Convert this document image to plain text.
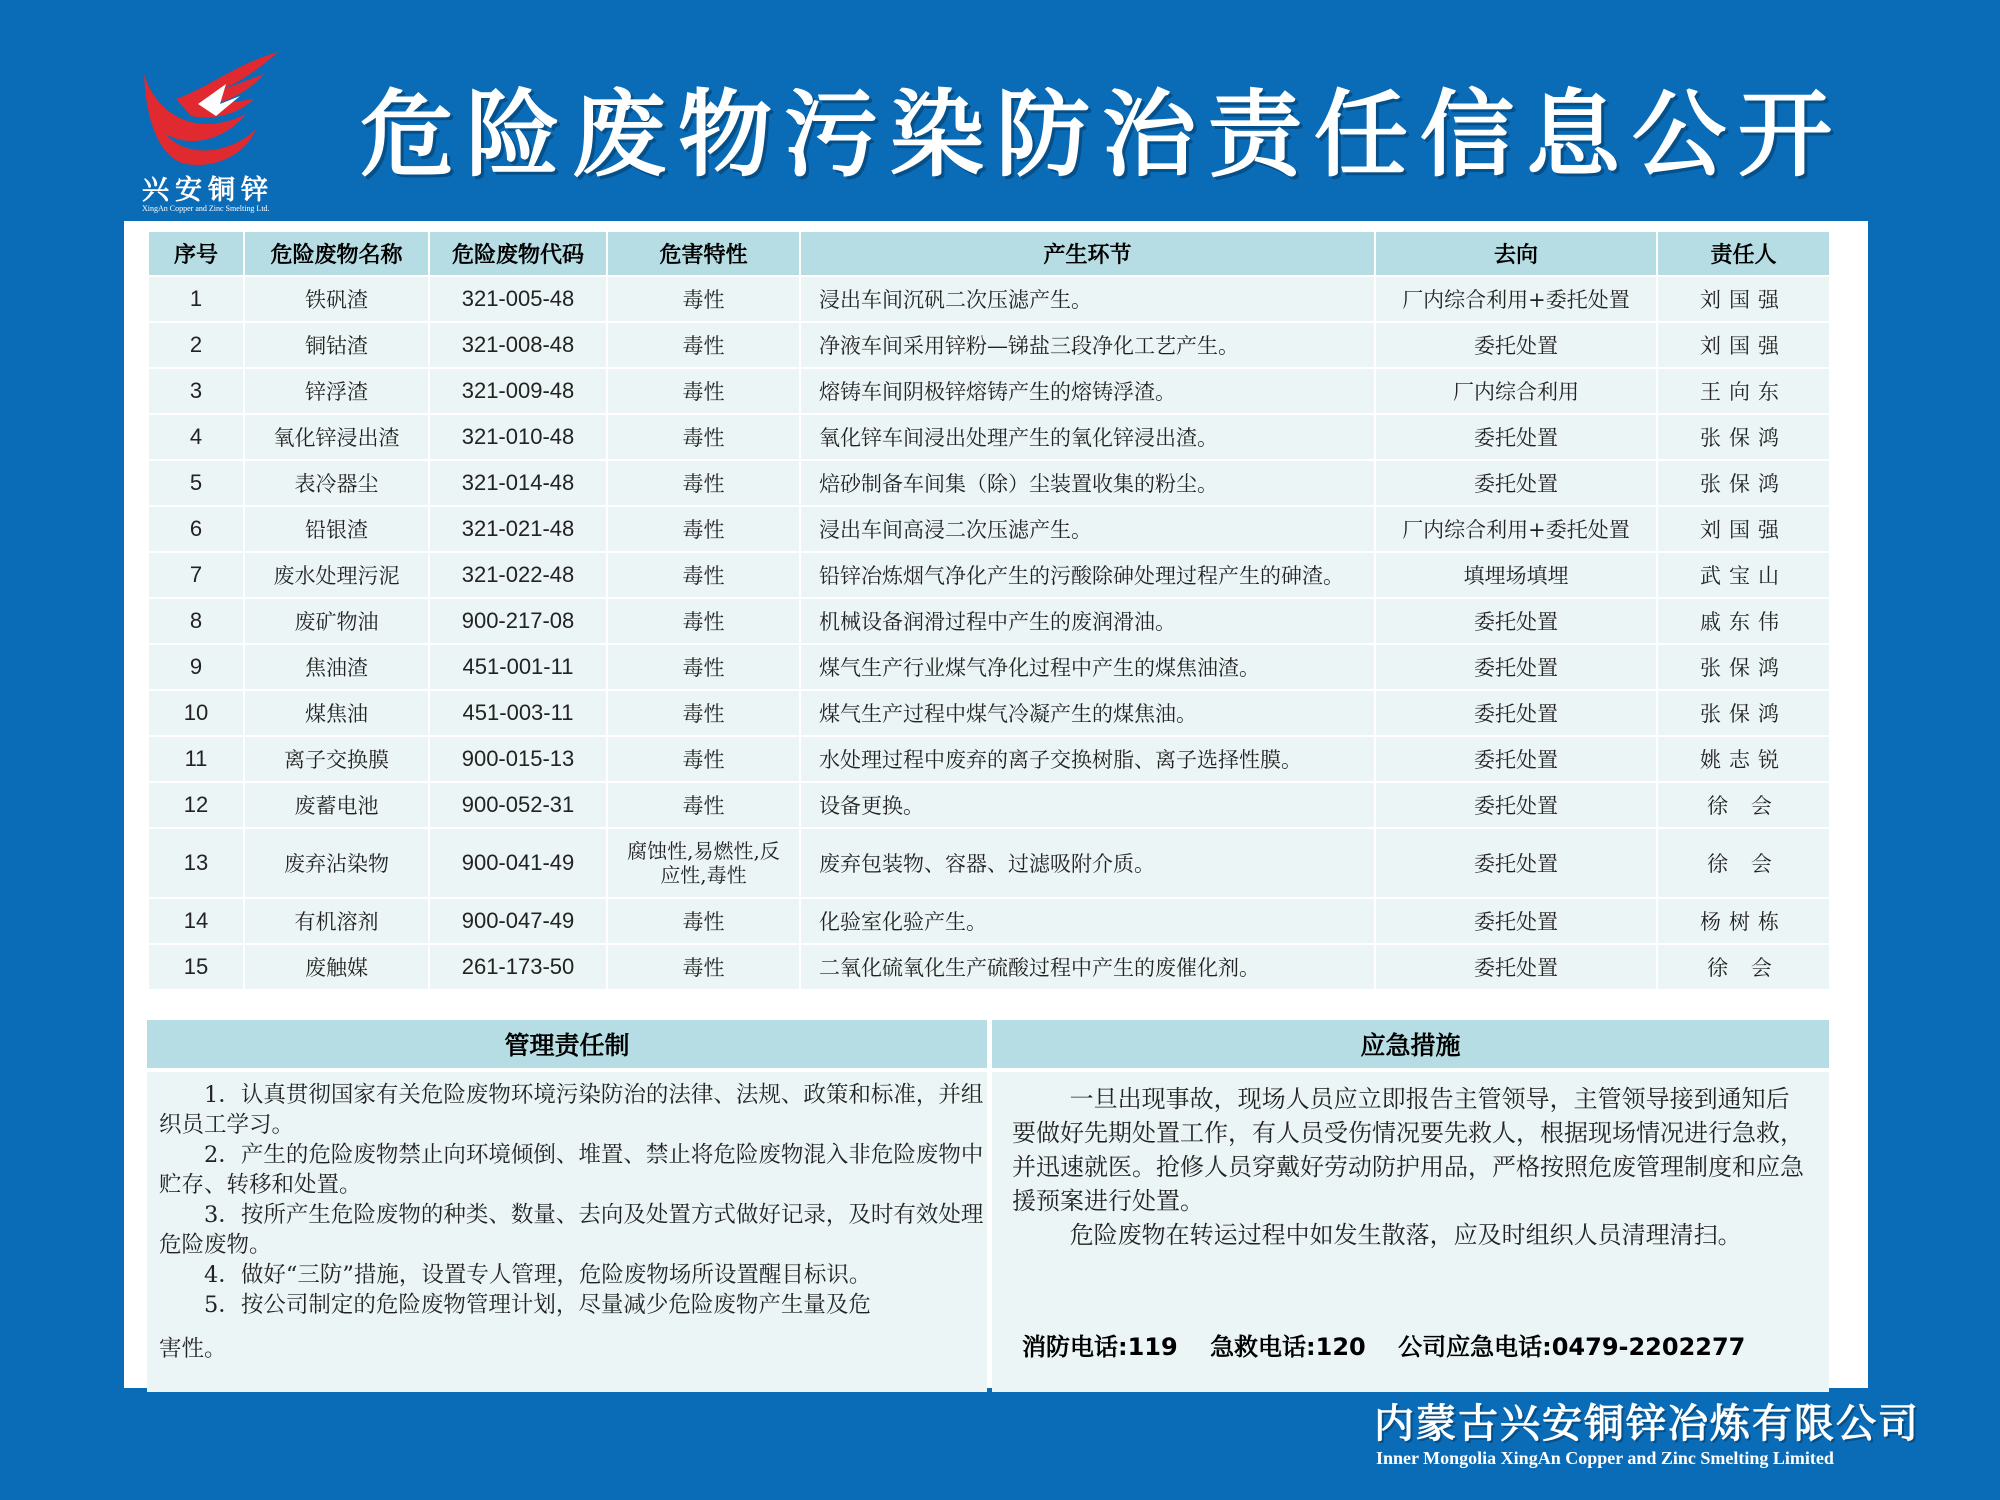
兴安铜锌
XingAn Copper and Zinc Smelting Ltd.
危险废物污染防治责任信息公开
序号	危险废物名称	危险废物代码	危害特性	产生环节	去向	责任人
1	铁矾渣	321-005-48	毒性	浸出车间沉矾二次压滤产生。	厂内综合利用+委托处置	刘国强
2	铜钴渣	321-008-48	毒性	净液车间采用锌粉—锑盐三段净化工艺产生。	委托处置	刘国强
3	锌浮渣	321-009-48	毒性	熔铸车间阴极锌熔铸产生的熔铸浮渣。	厂内综合利用	王向东
4	氧化锌浸出渣	321-010-48	毒性	氧化锌车间浸出处理产生的氧化锌浸出渣。	委托处置	张保鸿
5	表冷器尘	321-014-48	毒性	焙砂制备车间集（除）尘装置收集的粉尘。	委托处置	张保鸿
6	铅银渣	321-021-48	毒性	浸出车间高浸二次压滤产生。	厂内综合利用+委托处置	刘国强
7	废水处理污泥	321-022-48	毒性	铅锌冶炼烟气净化产生的污酸除砷处理过程产生的砷渣。	填埋场填埋	武宝山
8	废矿物油	900-217-08	毒性	机械设备润滑过程中产生的废润滑油。	委托处置	戚东伟
9	焦油渣	451-001-11	毒性	煤气生产行业煤气净化过程中产生的煤焦油渣。	委托处置	张保鸿
10	煤焦油	451-003-11	毒性	煤气生产过程中煤气冷凝产生的煤焦油。	委托处置	张保鸿
11	离子交换膜	900-015-13	毒性	水处理过程中废弃的离子交换树脂、离子选择性膜。	委托处置	姚志锐
12	废蓄电池	900-052-31	毒性	设备更换。	委托处置	徐 会
13	废弃沾染物	900-041-49	腐蚀性,易燃性,反应性,毒性	废弃包装物、容器、过滤吸附介质。	委托处置	徐 会
14	有机溶剂	900-047-49	毒性	化验室化验产生。	委托处置	杨树栋
15	废触媒	261-173-50	毒性	二氧化硫氧化生产硫酸过程中产生的废催化剂。	委托处置	徐 会
管理责任制	应急措施

1．认真贯彻国家有关危险废物环境污染防治的法律、法规、政策和标准，并组织员工学习。

2．产生的危险废物禁止向环境倾倒、堆置、禁止将危险废物混入非危险废物中贮存、转移和处置。

3．按所产生危险废物的种类、数量、去向及处置方式做好记录，及时有效处理危险废物。

4．做好“三防”措施，设置专人管理，危险废物场所设置醒目标识。

5．按公司制定的危险废物管理计划，尽量减少危险废物产生量及危

害性。

一旦出现事故，现场人员应立即报告主管领导，主管领导接到通知后要做好先期处置工作，有人员受伤情况要先救人，根据现场情况进行急救，并迅速就医。抢修人员穿戴好劳动防护用品，严格按照危废管理制度和应急援预案进行处置。

危险废物在转运过程中如发生散落，应及时组织人员清理清扫。

消防电话:119 急救电话:120 公司应急电话:0479-2202277
内蒙古兴安铜锌冶炼有限公司
Inner Mongolia XingAn Copper and Zinc Smelting Limited
